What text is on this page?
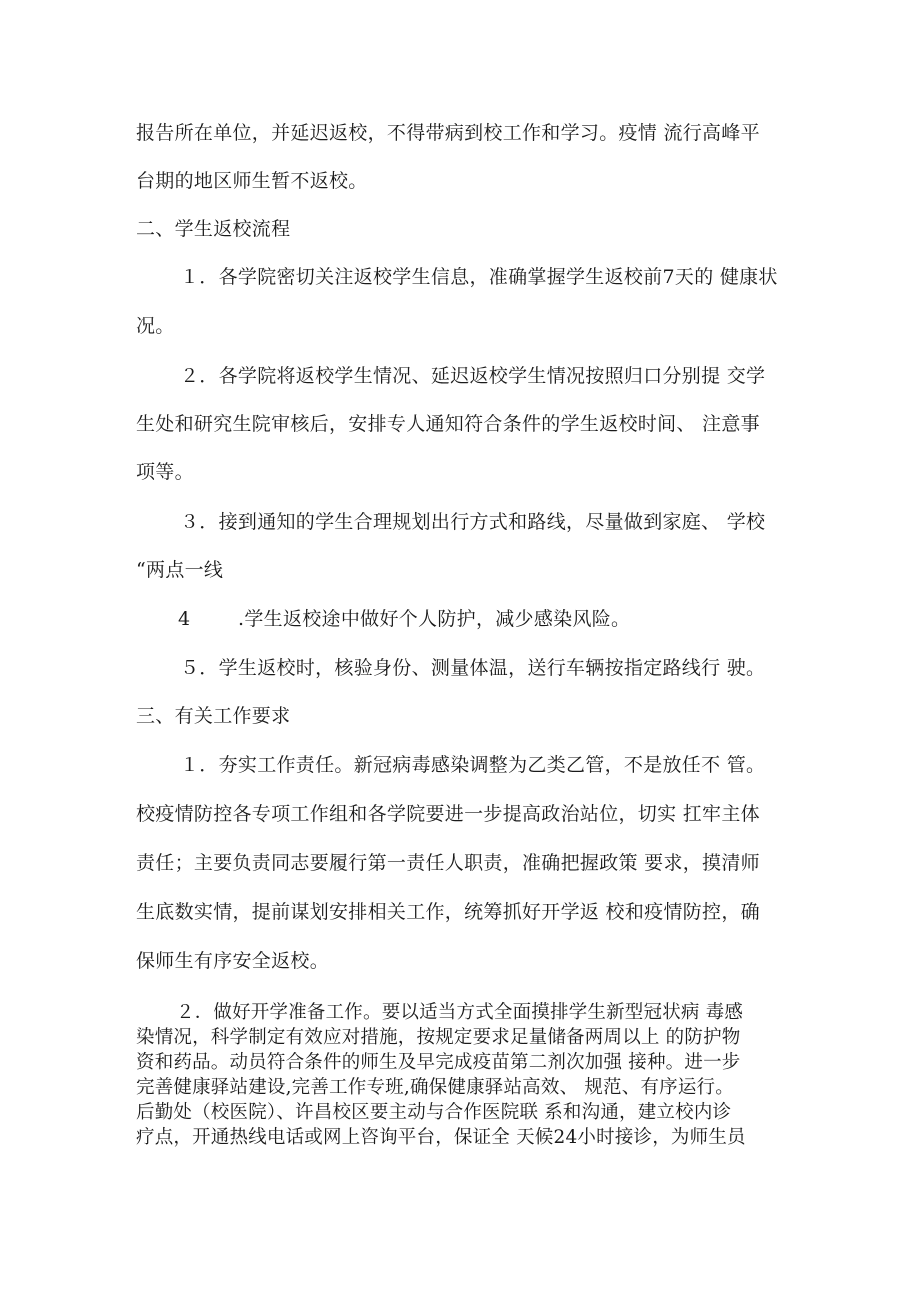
报告所在单位，并延迟返校，不得带病到校工作和学习。疫情 流行高峰平
台期的地区师生暂不返校。
二、学生返校流程
１．各学院密切关注返校学生信息，准确掌握学生返校前7天的 健康状
况。
２．各学院将返校学生情况、延迟返校学生情况按照归口分别提 交学
生处和研究生院审核后，安排专人通知符合条件的学生返校时间、 注意事
项等。
３．接到通知的学生合理规划出行方式和路线，尽量做到家庭、 学校
“两点一线
4	.学生返校途中做好个人防护，减少感染风险。
５．学生返校时，核验身份、测量体温，送行车辆按指定路线行 驶。
三、有关工作要求
１．夯实工作责任。新冠病毒感染调整为乙类乙管，不是放任不 管。
校疫情防控各专项工作组和各学院要进一步提高政治站位，切实 扛牢主体
责任；主要负责同志要履行第一责任人职责，准确把握政策 要求，摸清师
生底数实情，提前谋划安排相关工作，统筹抓好开学返 校和疫情防控，确
保师生有序安全返校。
２．做好开学准备工作。要以适当方式全面摸排学生新型冠状病 毒感
染情况，科学制定有效应对措施，按规定要求足量储备两周以上 的防护物
资和药品。动员符合条件的师生及早完成疫苗第二剂次加强 接种。进一步
完善健康驿站建设,完善工作专班,确保健康驿站高效、 规范、有序运行。
后勤处（校医院）、许昌校区要主动与合作医院联 系和沟通，建立校内诊
疗点，开通热线电话或网上咨询平台，保证全 天候24小时接诊，为师生员
